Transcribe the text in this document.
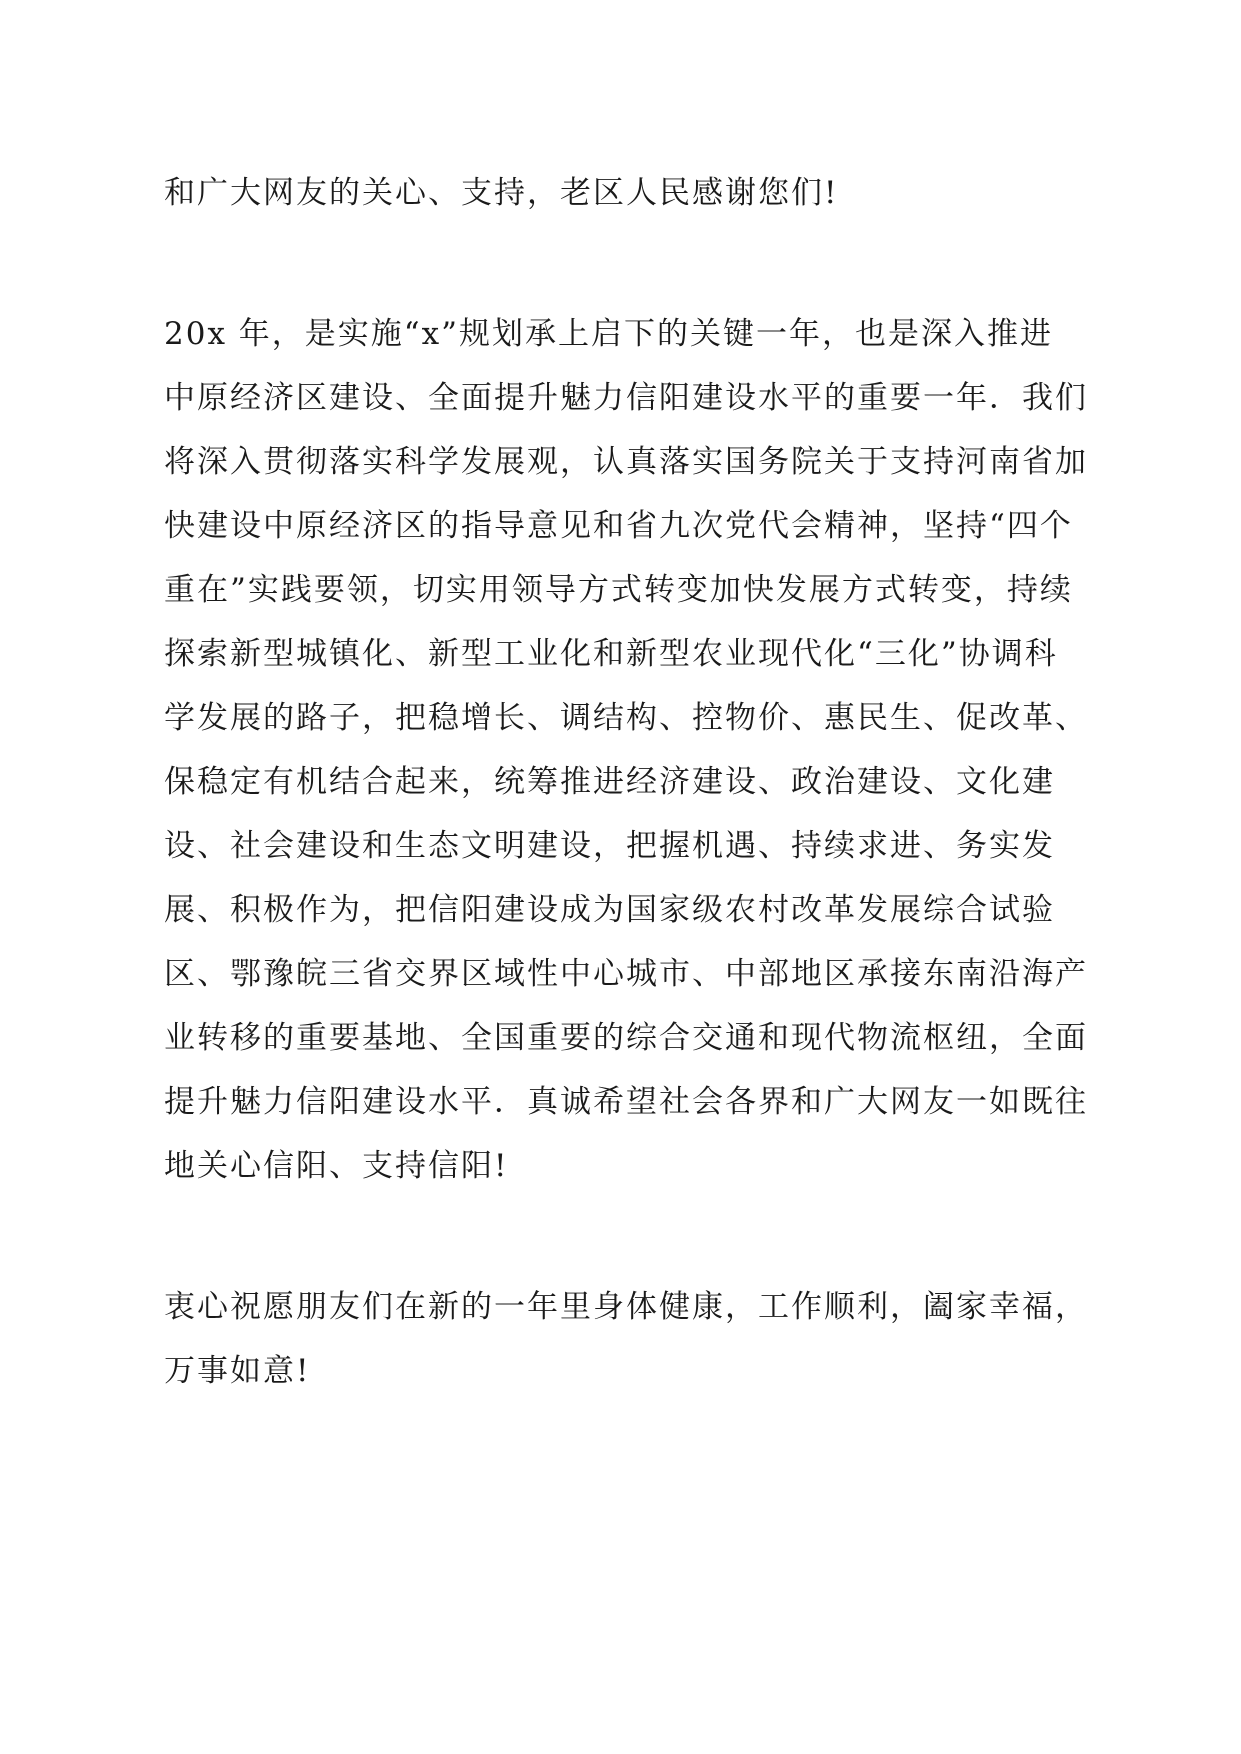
和广大网友的关心、支持，老区人民感谢您们!
20x 年，是实施“x”规划承上启下的关键一年，也是深入推进
中原经济区建设、全面提升魅力信阳建设水平的重要一年．我们
将深入贯彻落实科学发展观，认真落实国务院关于支持河南省加
快建设中原经济区的指导意见和省九次党代会精神，坚持“四个
重在”实践要领，切实用领导方式转变加快发展方式转变，持续
探索新型城镇化、新型工业化和新型农业现代化“三化”协调科
学发展的路子，把稳增长、调结构、控物价、惠民生、促改革、
保稳定有机结合起来，统筹推进经济建设、政治建设、文化建
设、社会建设和生态文明建设，把握机遇、持续求进、务实发
展、积极作为，把信阳建设成为国家级农村改革发展综合试验
区、鄂豫皖三省交界区域性中心城市、中部地区承接东南沿海产
业转移的重要基地、全国重要的综合交通和现代物流枢纽，全面
提升魅力信阳建设水平．真诚希望社会各界和广大网友一如既往
地关心信阳、支持信阳!
衷心祝愿朋友们在新的一年里身体健康，工作顺利，阖家幸福，
万事如意!
